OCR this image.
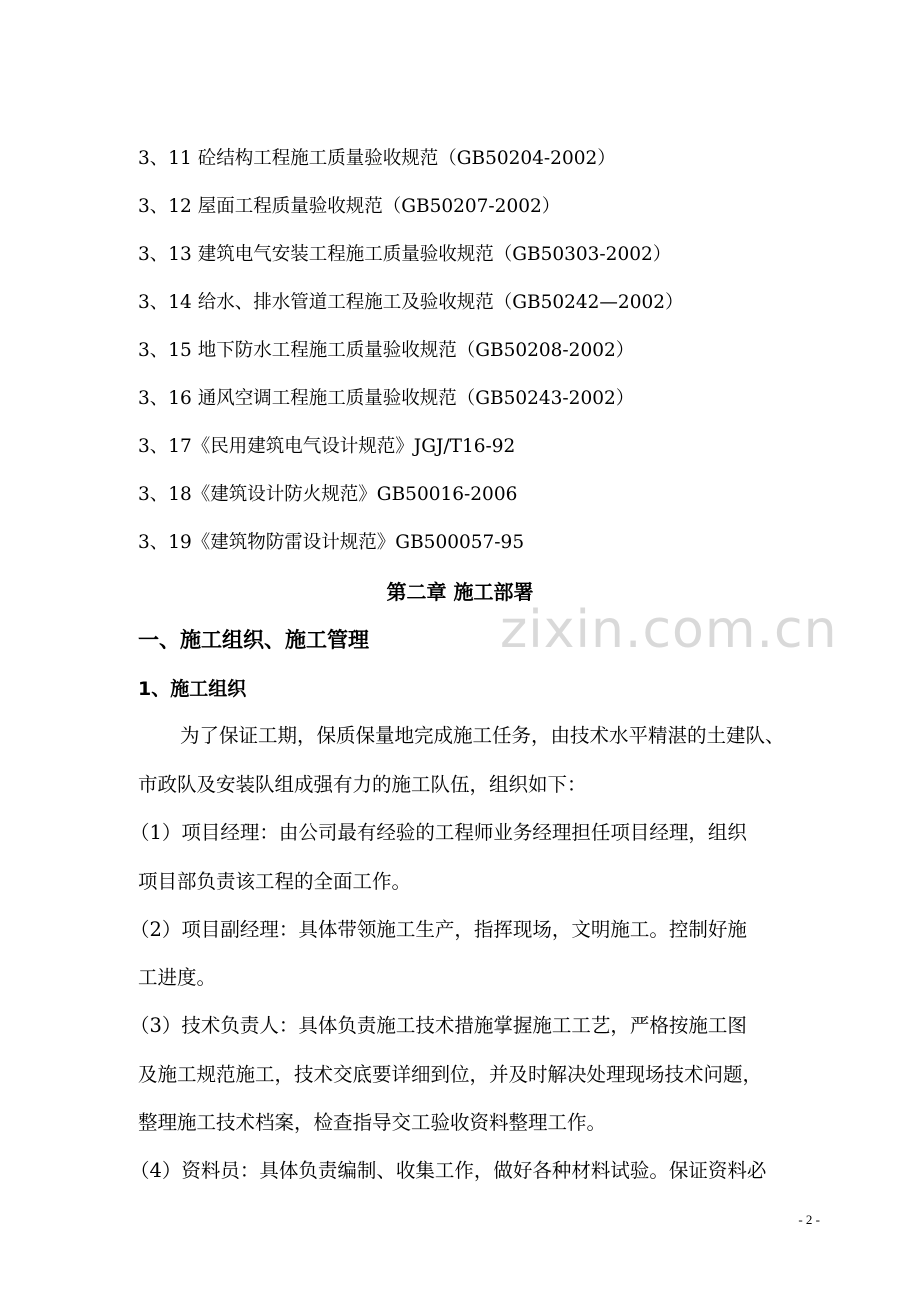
zixin.com.cn
3、11 砼结构工程施工质量验收规范（GB50204-2002）
3、12 屋面工程质量验收规范（GB50207-2002）
3、13 建筑电气安装工程施工质量验收规范（GB50303-2002）
3、14 给水、排水管道工程施工及验收规范（GB50242—2002）
3、15 地下防水工程施工质量验收规范（GB50208-2002）
3、16 通风空调工程施工质量验收规范（GB50243-2002）
3、17《民用建筑电气设计规范》JGJ/T16-92
3、18《建筑设计防火规范》GB50016-2006
3、19《建筑物防雷设计规范》GB500057-95
第二章 施工部署
一、施工组织、施工管理
1、施工组织
为了保证工期，保质保量地完成施工任务，由技术水平精湛的土建队、
市政队及安装队组成强有力的施工队伍，组织如下：
（1）项目经理：由公司最有经验的工程师业务经理担任项目经理，组织
项目部负责该工程的全面工作。
（2）项目副经理：具体带领施工生产，指挥现场，文明施工。控制好施
工进度。
（3）技术负责人：具体负责施工技术措施掌握施工工艺，严格按施工图
及施工规范施工，技术交底要详细到位，并及时解决处理现场技术问题，
整理施工技术档案，检查指导交工验收资料整理工作。
（4）资料员：具体负责编制、收集工作，做好各种材料试验。保证资料必
- 2 -
